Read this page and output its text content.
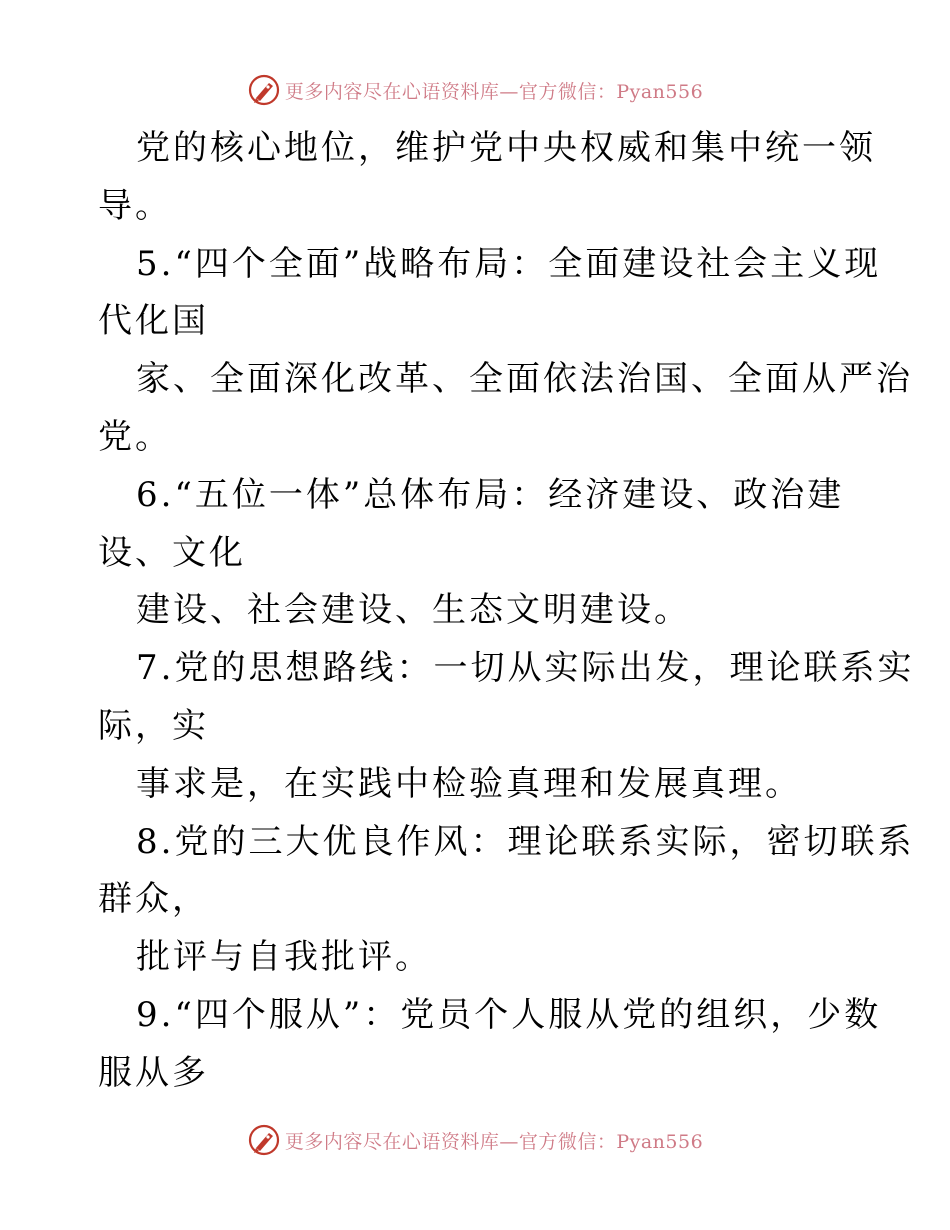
更多内容尽在心语资料库—官方微信：Pyan556
党的核心地位，维护党中央权威和集中统一领
导。
5.“四个全面”战略布局：全面建设社会主义现
代化国
家、全面深化改革、全面依法治国、全面从严治
党。
6.“五位一体”总体布局：经济建设、政治建
设、文化
建设、社会建设、生态文明建设。
7.党的思想路线：一切从实际出发，理论联系实
际，实
事求是，在实践中检验真理和发展真理。
8.党的三大优良作风：理论联系实际，密切联系
群众，
批评与自我批评。
9.“四个服从”：党员个人服从党的组织，少数
服从多
更多内容尽在心语资料库—官方微信：Pyan556
